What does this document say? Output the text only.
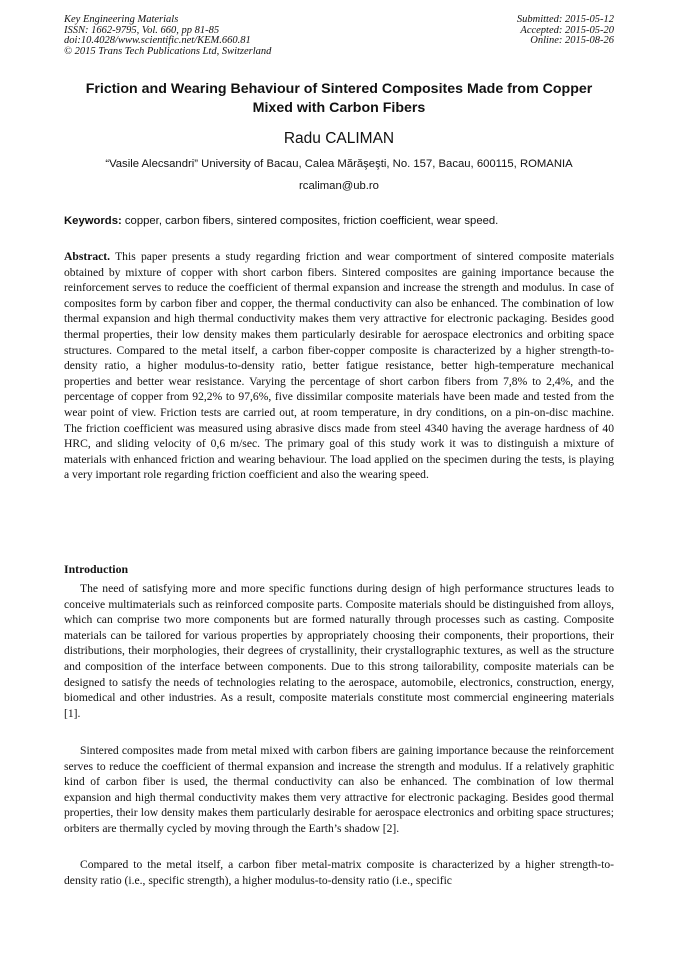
Key Engineering Materials
ISSN: 1662-9795, Vol. 660, pp 81-85
doi:10.4028/www.scientific.net/KEM.660.81
© 2015 Trans Tech Publications Ltd, Switzerland
Submitted: 2015-05-12
Accepted: 2015-05-20
Online: 2015-08-26
Friction and Wearing Behaviour of Sintered Composites Made from Copper Mixed with Carbon Fibers
Radu CALIMAN
“Vasile Alecsandri” University of Bacau, Calea Mărăşeşti, No. 157, Bacau, 600115, ROMANIA
rcaliman@ub.ro
Keywords: copper, carbon fibers, sintered composites, friction coefficient, wear speed.

Abstract. This paper presents a study regarding friction and wear comportment of sintered composite materials obtained by mixture of copper with short carbon fibers. Sintered composites are gaining importance because the reinforcement serves to reduce the coefficient of thermal expansion and increase the strength and modulus. In case of composites form by carbon fiber and copper, the thermal conductivity can also be enhanced. The combination of low thermal expansion and high thermal conductivity makes them very attractive for electronic packaging. Besides good thermal properties, their low density makes them particularly desirable for aerospace electronics and orbiting space structures. Compared to the metal itself, a carbon fiber-copper composite is characterized by a higher strength-to-density ratio, a higher modulus-to-density ratio, better fatigue resistance, better high-temperature mechanical properties and better wear resistance. Varying the percentage of short carbon fibers from 7,8% to 2,4%, and the percentage of copper from 92,2% to 97,6%, five dissimilar composite materials have been made and tested from the wear point of view. Friction tests are carried out, at room temperature, in dry conditions, on a pin-on-disc machine. The friction coefficient was measured using abrasive discs made from steel 4340 having the average hardness of 40 HRC, and sliding velocity of 0,6 m/sec. The primary goal of this study work it was to distinguish a mixture of materials with enhanced friction and wearing behaviour. The load applied on the specimen during the tests, is playing a very important role regarding friction coefficient and also the wearing speed.

Introduction

The need of satisfying more and more specific functions during design of high performance structures leads to conceive multimaterials such as reinforced composite parts. Composite materials should be distinguished from alloys, which can comprise two more components but are formed naturally through processes such as casting. Composite materials can be tailored for various properties by appropriately choosing their components, their proportions, their distributions, their morphologies, their degrees of crystallinity, their crystallographic textures, as well as the structure and composition of the interface between components. Due to this strong tailorability, composite materials can be designed to satisfy the needs of technologies relating to the aerospace, automobile, electronics, construction, energy, biomedical and other industries. As a result, composite materials constitute most commercial engineering materials [1].

Sintered composites made from metal mixed with carbon fibers are gaining importance because the reinforcement serves to reduce the coefficient of thermal expansion and increase the strength and modulus. If a relatively graphitic kind of carbon fiber is used, the thermal conductivity can also be enhanced. The combination of low thermal expansion and high thermal conductivity makes them very attractive for electronic packaging. Besides good thermal properties, their low density makes them particularly desirable for aerospace electronics and orbiting space structures; orbiters are thermally cycled by moving through the Earth’s shadow [2].

Compared to the metal itself, a carbon fiber metal-matrix composite is characterized by a higher strength-to-density ratio (i.e., specific strength), a higher modulus-to-density ratio (i.e., specific
